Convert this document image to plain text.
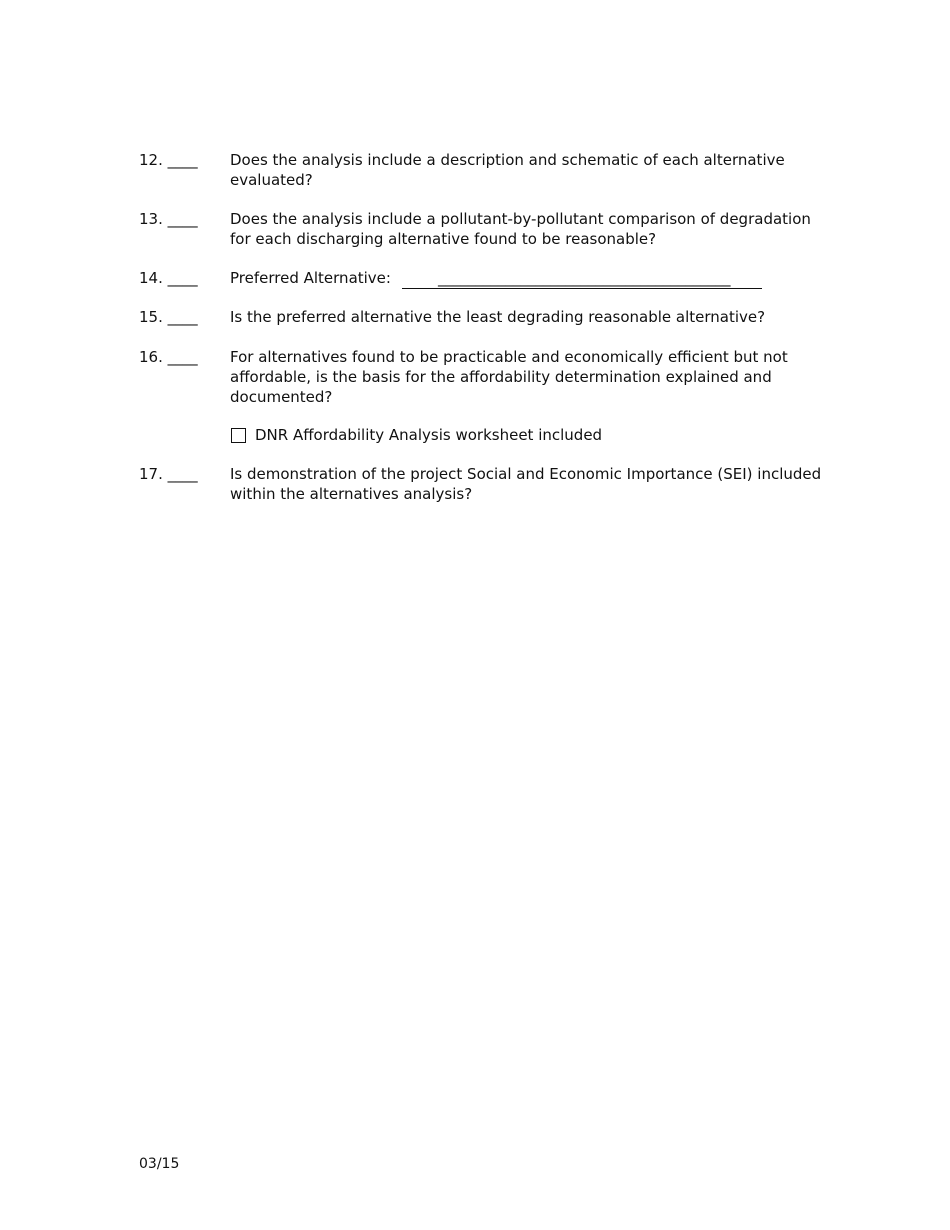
12. ____ Does the analysis include a description and schematic of each alternative evaluated?
13. ____ Does the analysis include a pollutant-by-pollutant comparison of degradation for each discharging alternative found to be reasonable?
14. ____ Preferred Alternative:	_______________________________________
15. ____ Is the preferred alternative the least degrading reasonable alternative?
16. ____ For alternatives found to be practicable and economically efficient but not affordable, is the basis for the affordability determination explained and documented?
DNR Affordability Analysis worksheet included
17. ____ Is demonstration of the project Social and Economic Importance (SEI) included within the alternatives analysis?
03/15
